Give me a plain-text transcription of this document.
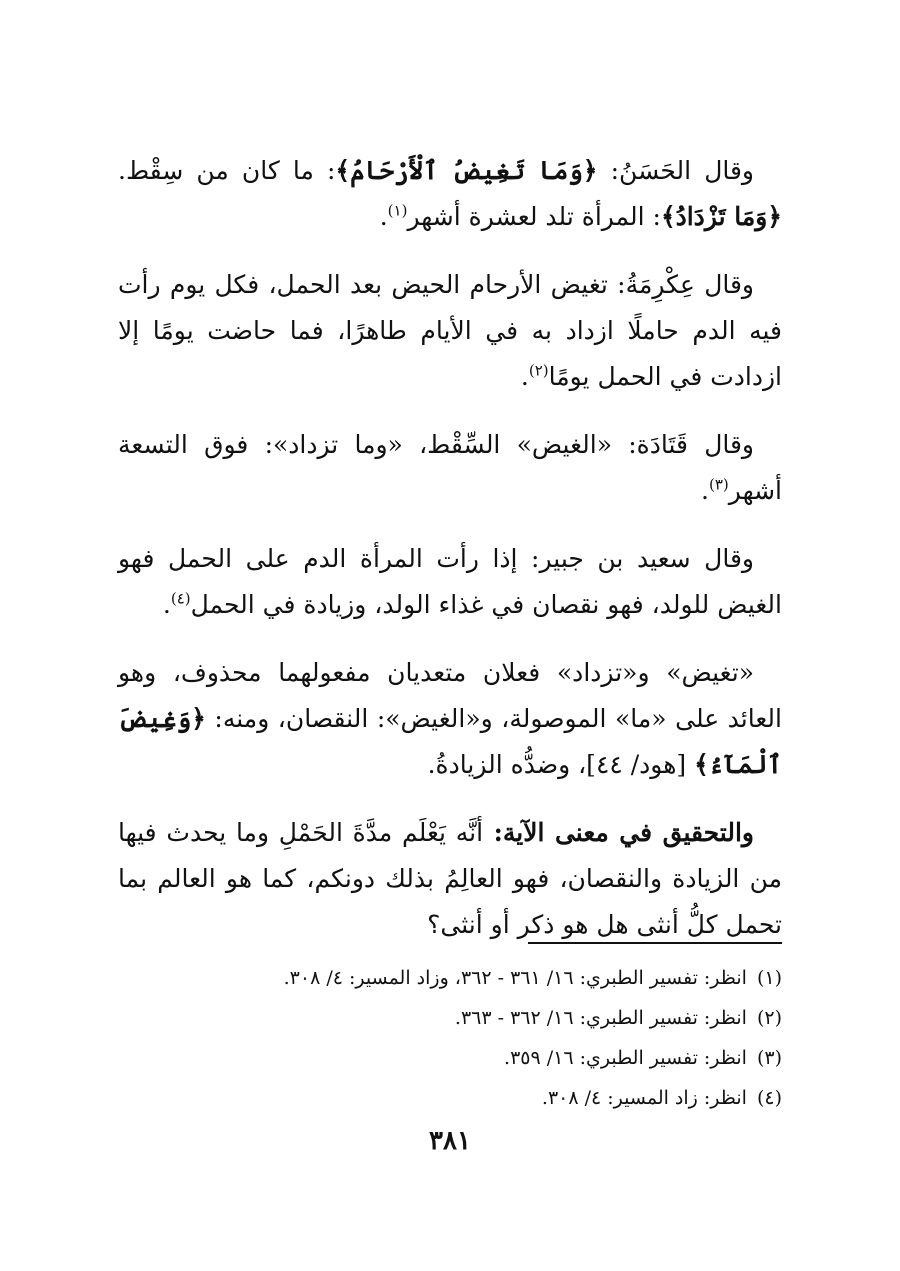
وقال الحَسَنُ: ﴿وَمَا تَغِيضُ ٱلْأَرْحَامُ﴾: ما كان من سِقْط. ﴿وَمَا تَزْدَادُ﴾: المرأة تلد لعشرة أشهر$^{(١)}$.

وقال عِكْرِمَةُ: تغيض الأرحام الحيض بعد الحمل، فكل يوم رأت فيه الدم حاملًا ازداد به في الأيام طاهرًا، فما حاضت يومًا إلا ازدادت في الحمل يومًا$^{(٢)}$.

وقال قَتَادَة: «الغيض» السِّقْط، «وما تزداد»: فوق التسعة أشهر$^{(٣)}$.

وقال سعيد بن جبير: إذا رأت المرأة الدم على الحمل فهو الغيض للولد، فهو نقصان في غذاء الولد، وزيادة في الحمل$^{(٤)}$.

«تغيض» و«تزداد» فعلان متعديان مفعولهما محذوف، وهو العائد على «ما» الموصولة، و«الغيض»: النقصان، ومنه: ﴿وَغِيضَ ٱلْمَآءُ﴾ [هود/ ٤٤]، وضدُّه الزيادةُ.

والتحقيق في معنى الآية: أنَّه يَعْلَم مدَّةَ الحَمْلِ وما يحدث فيها من الزيادة والنقصان، فهو العالِمُ بذلك دونكم، كما هو العالم بما تحمل كلُّ أنثى هل هو ذكر أو أنثى؟

(١)
انظر: تفسير الطبري: ١٦/ ٣٦١ - ٣٦٢، وزاد المسير: ٤/ ٣٠٨.
(٢)
انظر: تفسير الطبري: ١٦/ ٣٦٢ - ٣٦٣.
(٣)
انظر: تفسير الطبري: ١٦/ ٣٥٩.
(٤)
انظر: زاد المسير: ٤/ ٣٠٨.
٣٨١
